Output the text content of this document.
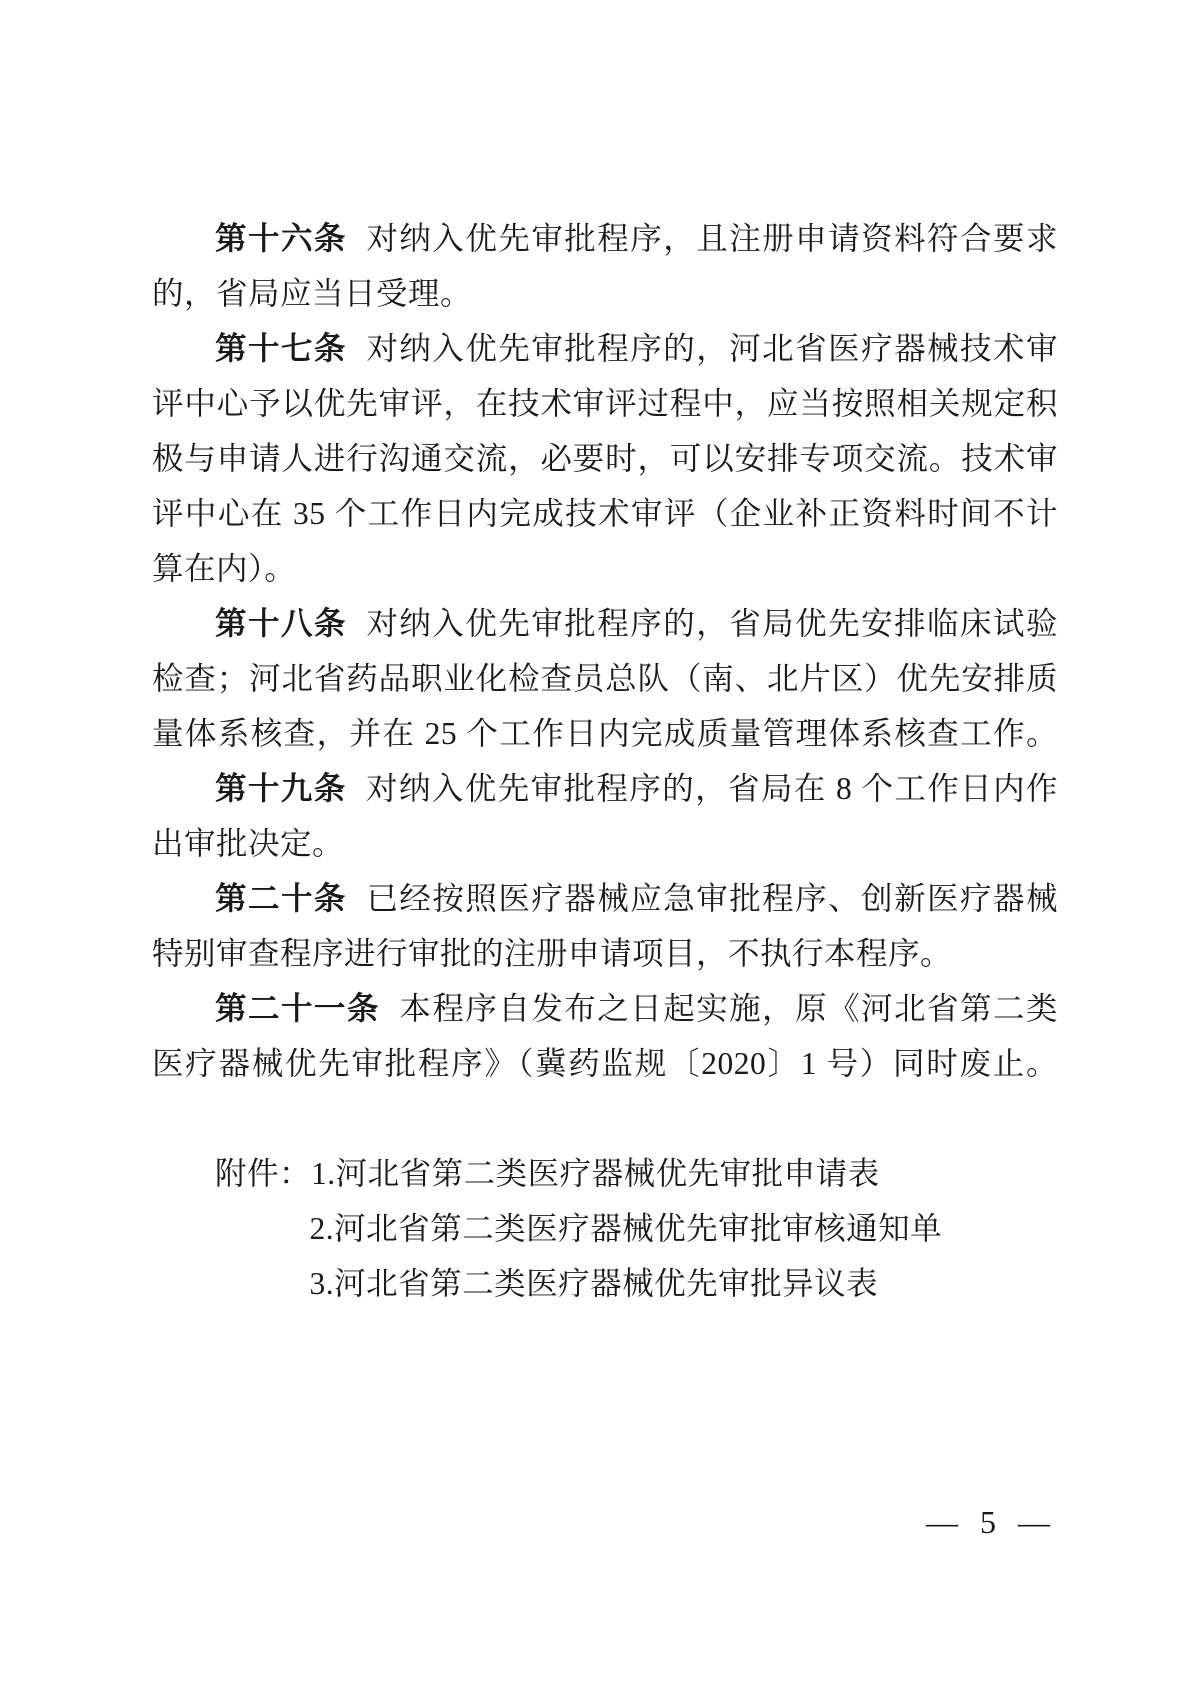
第十六条 对纳入优先审批程序，且注册申请资料符合要求
的，省局应当日受理。
第十七条 对纳入优先审批程序的，河北省医疗器械技术审
评中心予以优先审评，在技术审评过程中，应当按照相关规定积
极与申请人进行沟通交流，必要时，可以安排专项交流。技术审
评中心在 35 个工作日内完成技术审评（企业补正资料时间不计
算在内）。
第十八条 对纳入优先审批程序的，省局优先安排临床试验
检查；河北省药品职业化检查员总队（南、北片区）优先安排质
量体系核查，并在 25 个工作日内完成质量管理体系核查工作。
第十九条 对纳入优先审批程序的，省局在 8 个工作日内作
出审批决定。
第二十条 已经按照医疗器械应急审批程序、创新医疗器械
特别审查程序进行审批的注册申请项目，不执行本程序。
第二十一条 本程序自发布之日起实施，原《河北省第二类
医疗器械优先审批程序》（冀药监规〔2020〕1 号）同时废止。
附件：1.河北省第二类医疗器械优先审批申请表
2.河北省第二类医疗器械优先审批审核通知单
3.河北省第二类医疗器械优先审批异议表
— 5 —
